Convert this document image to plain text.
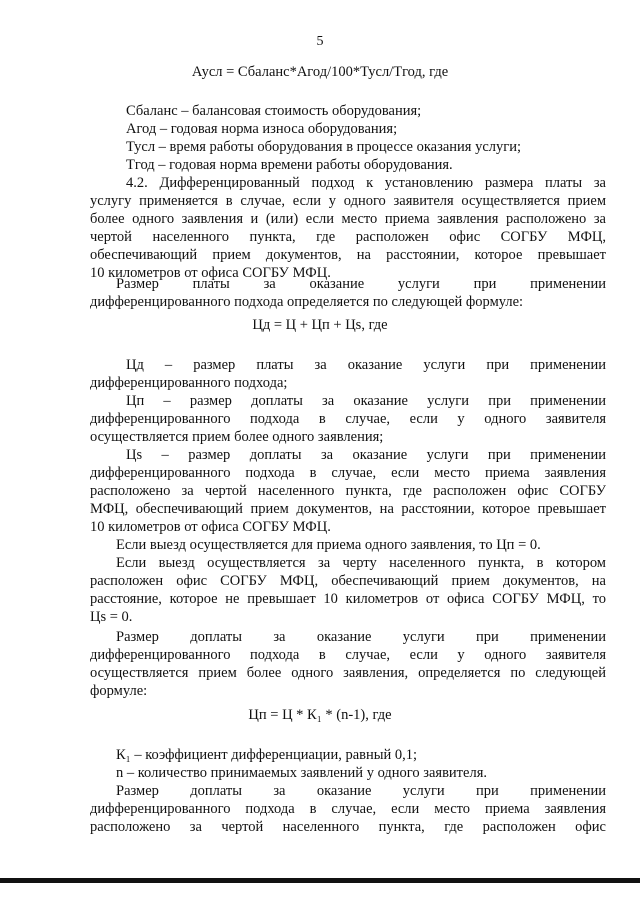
5
Аусл = Сбаланс*Агод/100*Тусл/Тгод, где
Сбаланс – балансовая стоимость оборудования;
Агод – годовая норма износа оборудования;
Тусл – время работы оборудования в процессе оказания услуги;
Тгод – годовая норма времени работы оборудования.
4.2. Дифференцированный подход к установлению размера платы за
услугу применяется в случае, если у одного заявителя осуществляется прием
более одного заявления и (или) если место приема заявления расположено за
чертой населенного пункта, где расположен офис СОГБУ МФЦ,
обеспечивающий прием документов, на расстоянии, которое превышает
10 километров от офиса СОГБУ МФЦ.
Размер платы за оказание услуги при применении
дифференцированного подхода определяется по следующей формуле:
Цд = Ц + Цп + Цѕ, где
Цд – размер платы за оказание услуги при применении
дифференцированного подхода;
Цп – размер доплаты за оказание услуги при применении
дифференцированного подхода в случае, если у одного заявителя
осуществляется прием более одного заявления;
Цѕ – размер доплаты за оказание услуги при применении
дифференцированного подхода в случае, если место приема заявления
расположено за чертой населенного пункта, где расположен офис СОГБУ
МФЦ, обеспечивающий прием документов, на расстоянии, которое превышает
10 километров от офиса СОГБУ МФЦ.
Если выезд осуществляется для приема одного заявления, то Цп = 0.
Если выезд осуществляется за черту населенного пункта, в котором
расположен офис СОГБУ МФЦ, обеспечивающий прием документов, на
расстояние, которое не превышает 10 километров от офиса СОГБУ МФЦ, то
Цѕ = 0.
Размер доплаты за оказание услуги при применении
дифференцированного подхода в случае, если у одного заявителя
осуществляется прием более одного заявления, определяется по следующей
формуле:
Цп = Ц * К₁ * (n-1), где
К₁ – коэффициент дифференциации, равный 0,1;
n – количество принимаемых заявлений у одного заявителя.
Размер доплаты за оказание услуги при применении
дифференцированного подхода в случае, если место приема заявления
расположено за чертой населенного пункта, где расположен офис
